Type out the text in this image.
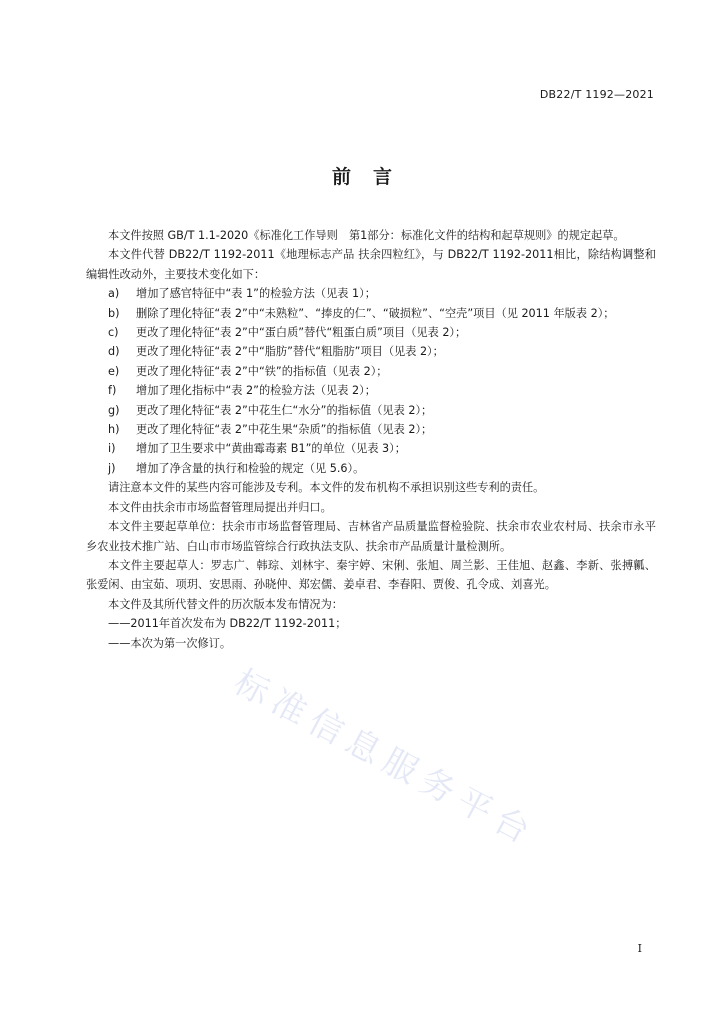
DB22/T 1192—2021
前言

本文件按照 GB/T 1.1-2020《标准化工作导则　第1部分：标准化文件的结构和起草规则》的规定起草。

本文件代替 DB22/T 1192-2011《地理标志产品 扶余四粒红》，与 DB22/T 1192-2011相比，除结构调整和编辑性改动外，主要技术变化如下：

a)	增加了感官特征中“表 1”的检验方法（见表 1）；
b)	删除了理化特征“表 2”中“未熟粒”、“捧皮的仁”、“破损粒”、“空壳”项目（见 2011 年版表 2）；
c)	更改了理化特征“表 2”中“蛋白质”替代“粗蛋白质”项目（见表 2）；
d)	更改了理化特征“表 2”中“脂肪”替代“粗脂肪”项目（见表 2）；
e)	更改了理化特征“表 2”中“铁”的指标值（见表 2）；
f)	增加了理化指标中“表 2”的检验方法（见表 2）；
g)	更改了理化特征“表 2”中花生仁“水分”的指标值（见表 2）；
h)	更改了理化特征“表 2”中花生果“杂质”的指标值（见表 2）；
i)	增加了卫生要求中“黄曲霉毒素 B1”的单位（见表 3）；
j)	增加了净含量的执行和检验的规定（见 5.6）。

请注意本文件的某些内容可能涉及专利。本文件的发布机构不承担识别这些专利的责任。

本文件由扶余市市场监督管理局提出并归口。

本文件主要起草单位：扶余市市场监督管理局、吉林省产品质量监督检验院、扶余市农业农村局、扶余市永平乡农业技术推广站、白山市市场监管综合行政执法支队、扶余市产品质量计量检测所。

本文件主要起草人：罗志广、韩琮、刘林宇、秦宇婷、宋俐、张旭、周兰影、王佳旭、赵鑫、李新、张搏瓤、张爱闲、由宝茹、项玥、安思雨、孙晓仲、郑宏儒、姜卓君、李春阳、贾俊、孔令成、刘喜光。

本文件及其所代替文件的历次版本发布情况为：

——2011年首次发布为 DB22/T 1192-2011；

——本次为第一次修订。

标准信息服务平台
I
